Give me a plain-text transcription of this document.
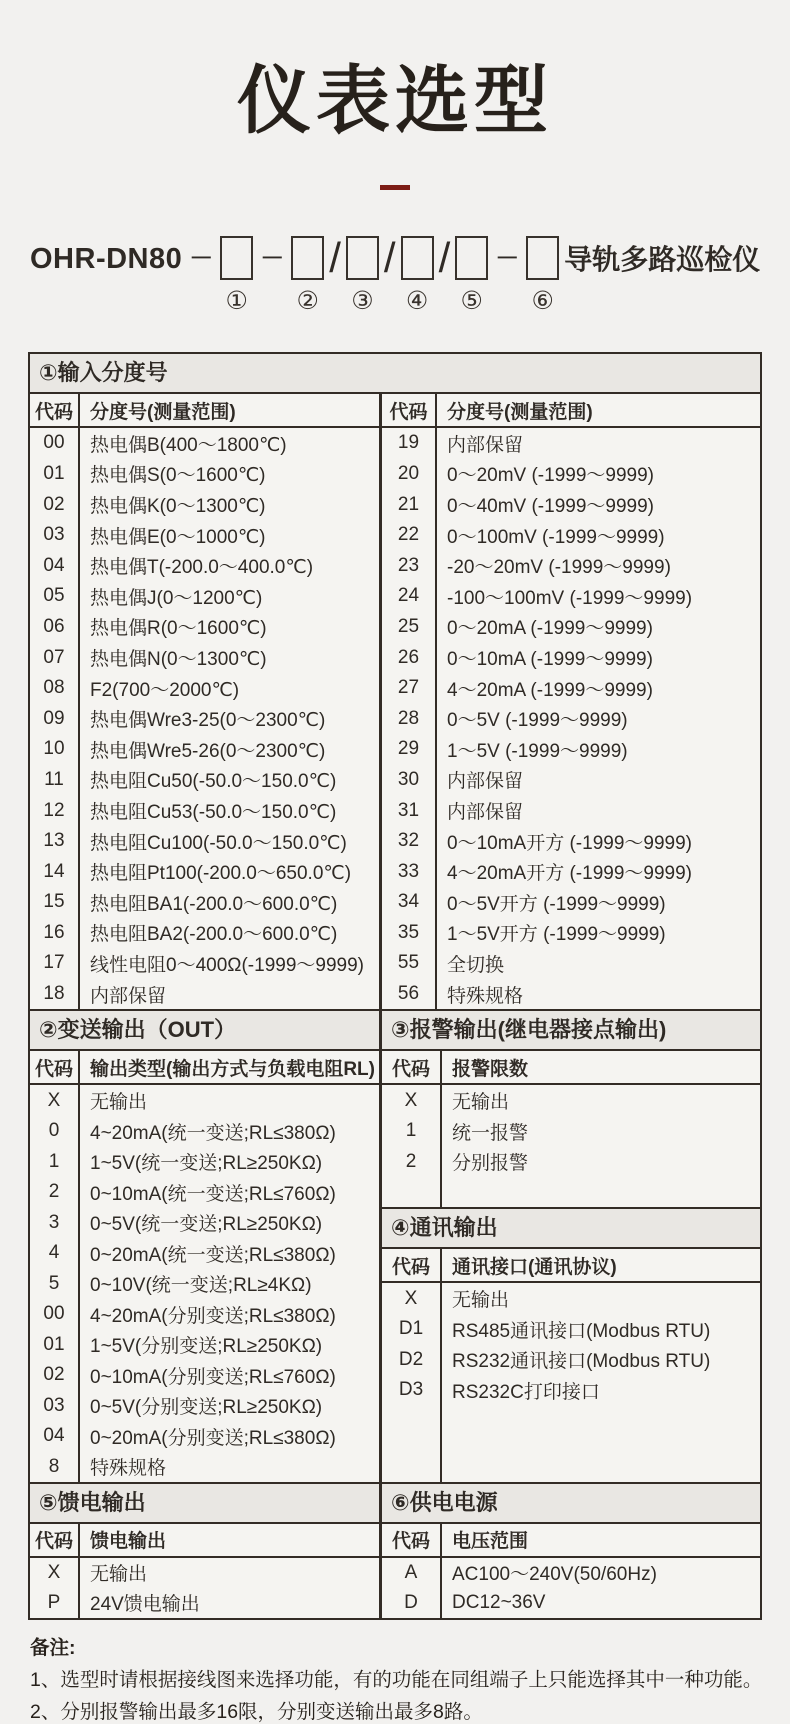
仪表选型
OHR-DN80 －
①
－
②
/
③
/
④
/
⑤
－
⑥
导轨多路巡检仪
①输入分度号
代码 分度号(测量范围)
00	热电偶B(400～1800℃)
01	热电偶S(0～1600℃)
02	热电偶K(0～1300℃)
03	热电偶E(0～1000℃)
04	热电偶T(-200.0～400.0℃)
05	热电偶J(0～1200℃)
06	热电偶R(0～1600℃)
07	热电偶N(0～1300℃)
08	F2(700～2000℃)
09	热电偶Wre3-25(0～2300℃)
10	热电偶Wre5-26(0～2300℃)
11	热电阻Cu50(-50.0～150.0℃)
12	热电阻Cu53(-50.0～150.0℃)
13	热电阻Cu100(-50.0～150.0℃)
14	热电阻Pt100(-200.0～650.0℃)
15	热电阻BA1(-200.0～600.0℃)
16	热电阻BA2(-200.0～600.0℃)
17	线性电阻0～400Ω(-1999～9999)
18	内部保留
代码	分度号(测量范围)
19	内部保留
20	0～20mV (-1999～9999)
21	0～40mV (-1999～9999)
22	0～100mV (-1999～9999)
23	-20～20mV (-1999～9999)
24	-100～100mV (-1999～9999)
25	0～20mA (-1999～9999)
26	0～10mA (-1999～9999)
27	4～20mA (-1999～9999)
28	0～5V (-1999～9999)
29	1～5V (-1999～9999)
30	内部保留
31	内部保留
32	0～10mA开方 (-1999～9999)
33	4～20mA开方 (-1999～9999)
34	0～5V开方 (-1999～9999)
35	1～5V开方 (-1999～9999)
55	全切换
56	特殊规格
②变送输出（OUT）	③报警输出(继电器接点输出)
代码 输出类型(输出方式与负载电阻RL)
X	无输出
0	4~20mA(统一变送;RL≤380Ω)
1	1~5V(统一变送;RL≥250KΩ)
2	0~10mA(统一变送;RL≤760Ω)
3	0~5V(统一变送;RL≥250KΩ)
4	0~20mA(统一变送;RL≤380Ω)
5	0~10V(统一变送;RL≥4KΩ)
00	4~20mA(分别变送;RL≤380Ω)
01	1~5V(分别变送;RL≥250KΩ)
02	0~10mA(分别变送;RL≤760Ω)
03	0~5V(分别变送;RL≥250KΩ)
04	0~20mA(分别变送;RL≤380Ω)
8	特殊规格
代码	报警限数
X	无输出
1	统一报警
2	分别报警
④通讯输出
代码	通讯接口(通讯协议)
X	无输出
D1	RS485通讯接口(Modbus RTU)
D2	RS232通讯接口(Modbus RTU)
D3	RS232C打印接口
⑤馈电输出	⑥供电电源
代码 馈电输出
X	无输出
P	24V馈电输出
代码	电压范围
A	AC100～240V(50/60Hz)
D	DC12~36V
备注:
1、选型时请根据接线图来选择功能，有的功能在同组端子上只能选择其中一种功能。
2、分别报警输出最多16限，分别变送输出最多8路。
